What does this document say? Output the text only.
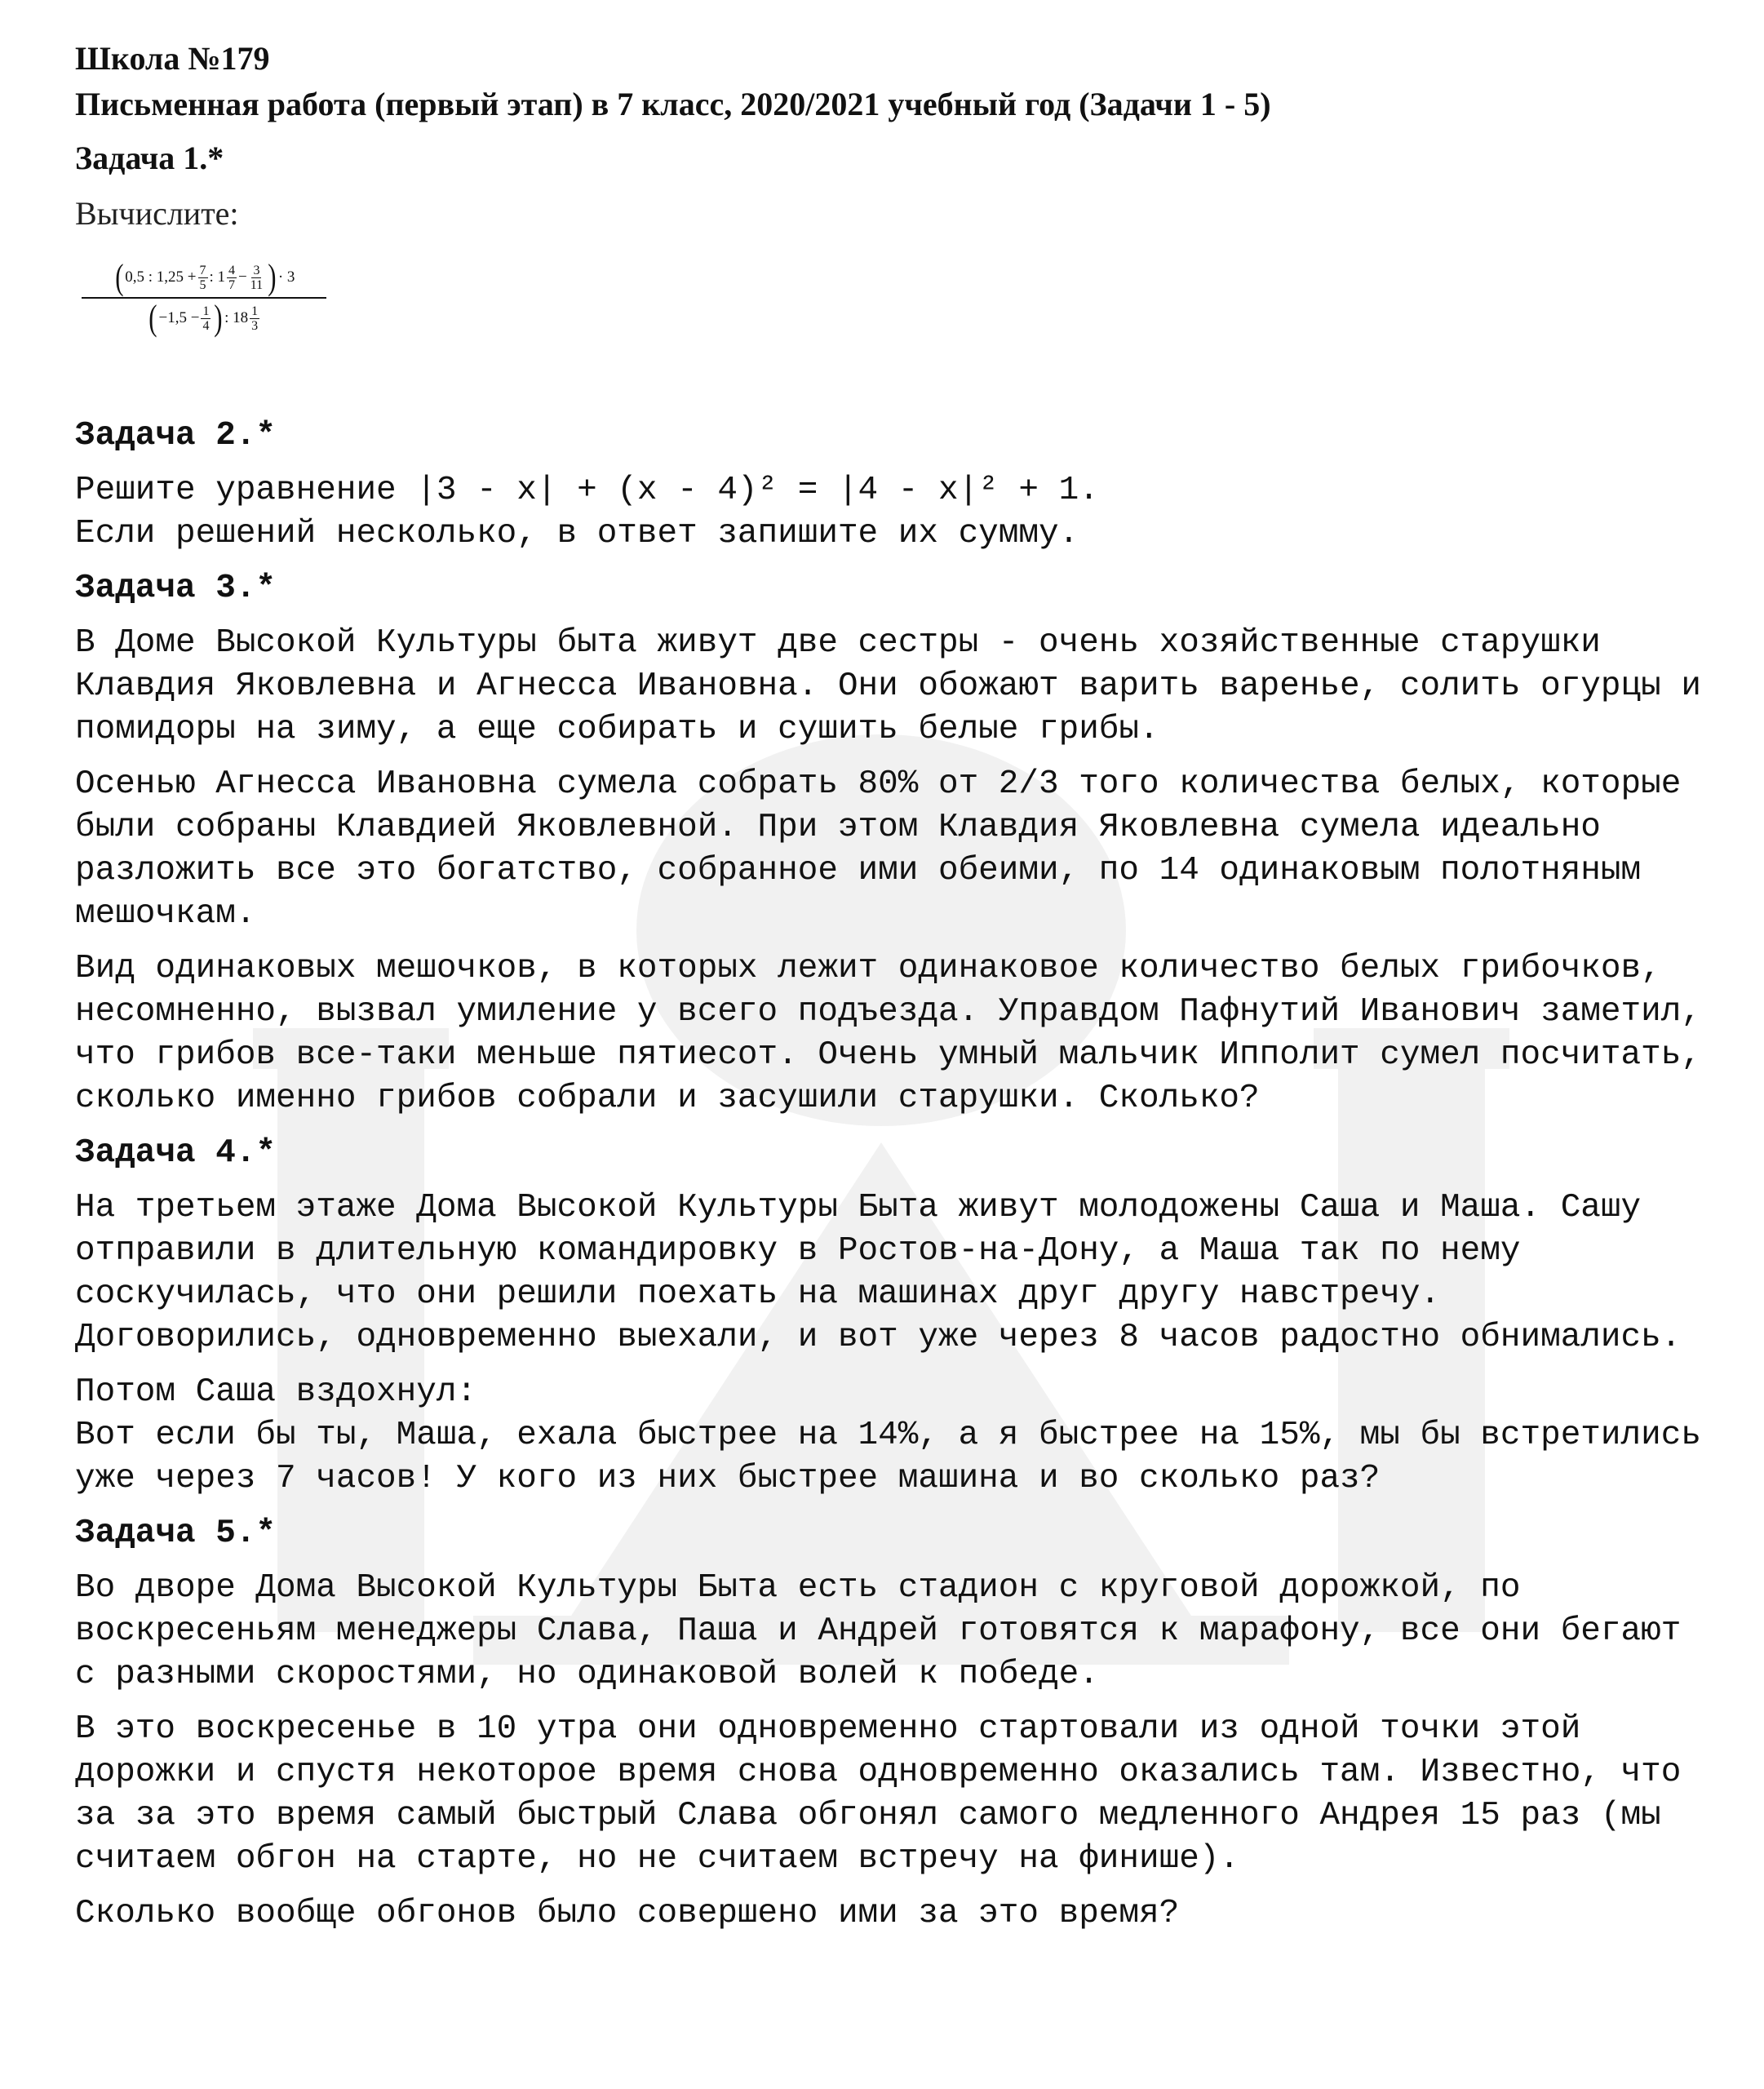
Школа №179
Письменная работа (первый этап) в 7 класс, 2020/2021 учебный год (Задачи 1 - 5)
Задача 1.*
Вычислите:
( 0,5 : $1,25 + \frac{7}{5}$ : 1 4
$7 - \frac{3}{11}$ ) · 3
( $-1,5 - \frac{1}{4}$ ) : 18 1
3
Задача 2.*
Решите уравнение |3 - x| + (x - 4)² = |4 - x|² + 1.
Если решений несколько, в ответ запишите их сумму.
Задача 3.*
В Доме Высокой Культуры быта живут две сестры - очень хозяйственные старушки Клавдия Яковлевна и Агнесса Ивановна. Они обожают варить варенье, солить огурцы и помидоры на зиму, а еще собирать и сушить белые грибы.
Осенью Агнесса Ивановна сумела собрать 80% от 2/3 того количества белых, которые были собраны Клавдией Яковлевной. При этом Клавдия Яковлевна сумела идеально разложить все это богатство, собранное ими обеими, по 14 одинаковым полотняным мешочкам.
Вид одинаковых мешочков, в которых лежит одинаковое количество белых грибочков, несомненно, вызвал умиление у всего подъезда. Управдом Пафнутий Иванович заметил, что грибов все-таки меньше пятиесот. Очень умный мальчик Ипполит сумел посчитать, сколько именно грибов собрали и засушили старушки. Сколько?
Задача 4.*
На третьем этаже Дома Высокой Культуры Быта живут молодожены Саша и Маша. Сашу отправили в длительную командировку в Ростов-на-Дону, а Маша так по нему соскучилась, что они решили поехать на машинах друг другу навстречу. Договорились, одновременно выехали, и вот уже через 8 часов радостно обнимались.
Потом Саша вздохнул:
Вот если бы ты, Маша, ехала быстрее на 14%, а я быстрее на 15%, мы бы встретились уже через 7 часов! У кого из них быстрее машина и во сколько раз?
Задача 5.*
Во дворе Дома Высокой Культуры Быта есть стадион с круговой дорожкой, по воскресеньям менеджеры Слава, Паша и Андрей готовятся к марафону, все они бегают с разными скоростями, но одинаковой волей к победе.
В это воскресенье в 10 утра они одновременно стартовали из одной точки этой дорожки и спустя некоторое время снова одновременно оказались там. Известно, что за за это время самый быстрый Слава обгонял самого медленного Андрея 15 раз (мы считаем обгон на старте, но не считаем встречу на финише).
Сколько вообще обгонов было совершено ими за это время?
